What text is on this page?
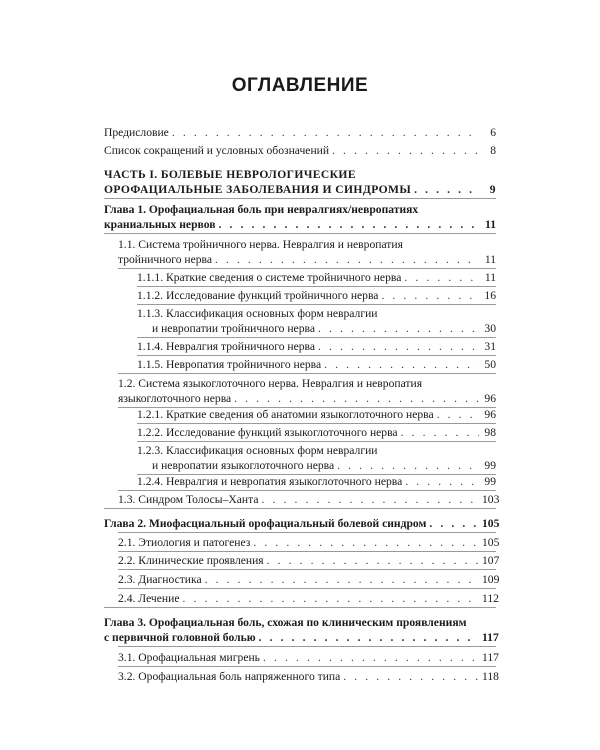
ОГЛАВЛЕНИЕ
Предисловие . . .	6
Список сокращений и условных обозначений . . .	8
ЧАСТЬ I. БОЛЕВЫЕ НЕВРОЛОГИЧЕСКИЕ
ОРОФАЦИАЛЬНЫЕ ЗАБОЛЕВАНИЯ И СИНДРОМЫ . . .	9
Глава 1. Орофациальная боль при невралгиях/невропатиях
краниальных нервов . . .	11
1.1. Система тройничного нерва. Невралгия и невропатия
тройничного нерва . . .	11
1.1.1. Краткие сведения о системе тройничного нерва . . .	11
1.1.2. Исследование функций тройничного нерва . . .	16
1.1.3. Классификация основных форм невралгии
и невропатии тройничного нерва . . .	30
1.1.4. Невралгия тройничного нерва . . .	31
1.1.5. Невропатия тройничного нерва . . .	50
1.2. Система языкоглоточного нерва. Невралгия и невропатия
языкоглоточного нерва . . .	96
1.2.1. Краткие сведения об анатомии языкоглоточного нерва . . .	96
1.2.2. Исследование функций языкоглоточного нерва . . .	98
1.2.3. Классификация основных форм невралгии
и невропатии языкоглоточного нерва . . .	99
1.2.4. Невралгия и невропатия языкоглоточного нерва . . .	99
1.3. Синдром Толосы–Ханта . . .	103
Глава 2. Миофасциальный орофациальный болевой синдром . . .	105
2.1. Этиология и патогенез . . .	105
2.2. Клинические проявления . . .	107
2.3. Диагностика . . .	109
2.4. Лечение . . .	112
Глава 3. Орофациальная боль, схожая по клиническим проявлениям
с первичной головной болью . . .	117
3.1. Орофациальная мигрень . . .	117
3.2. Орофациальная боль напряженного типа . . .	118
